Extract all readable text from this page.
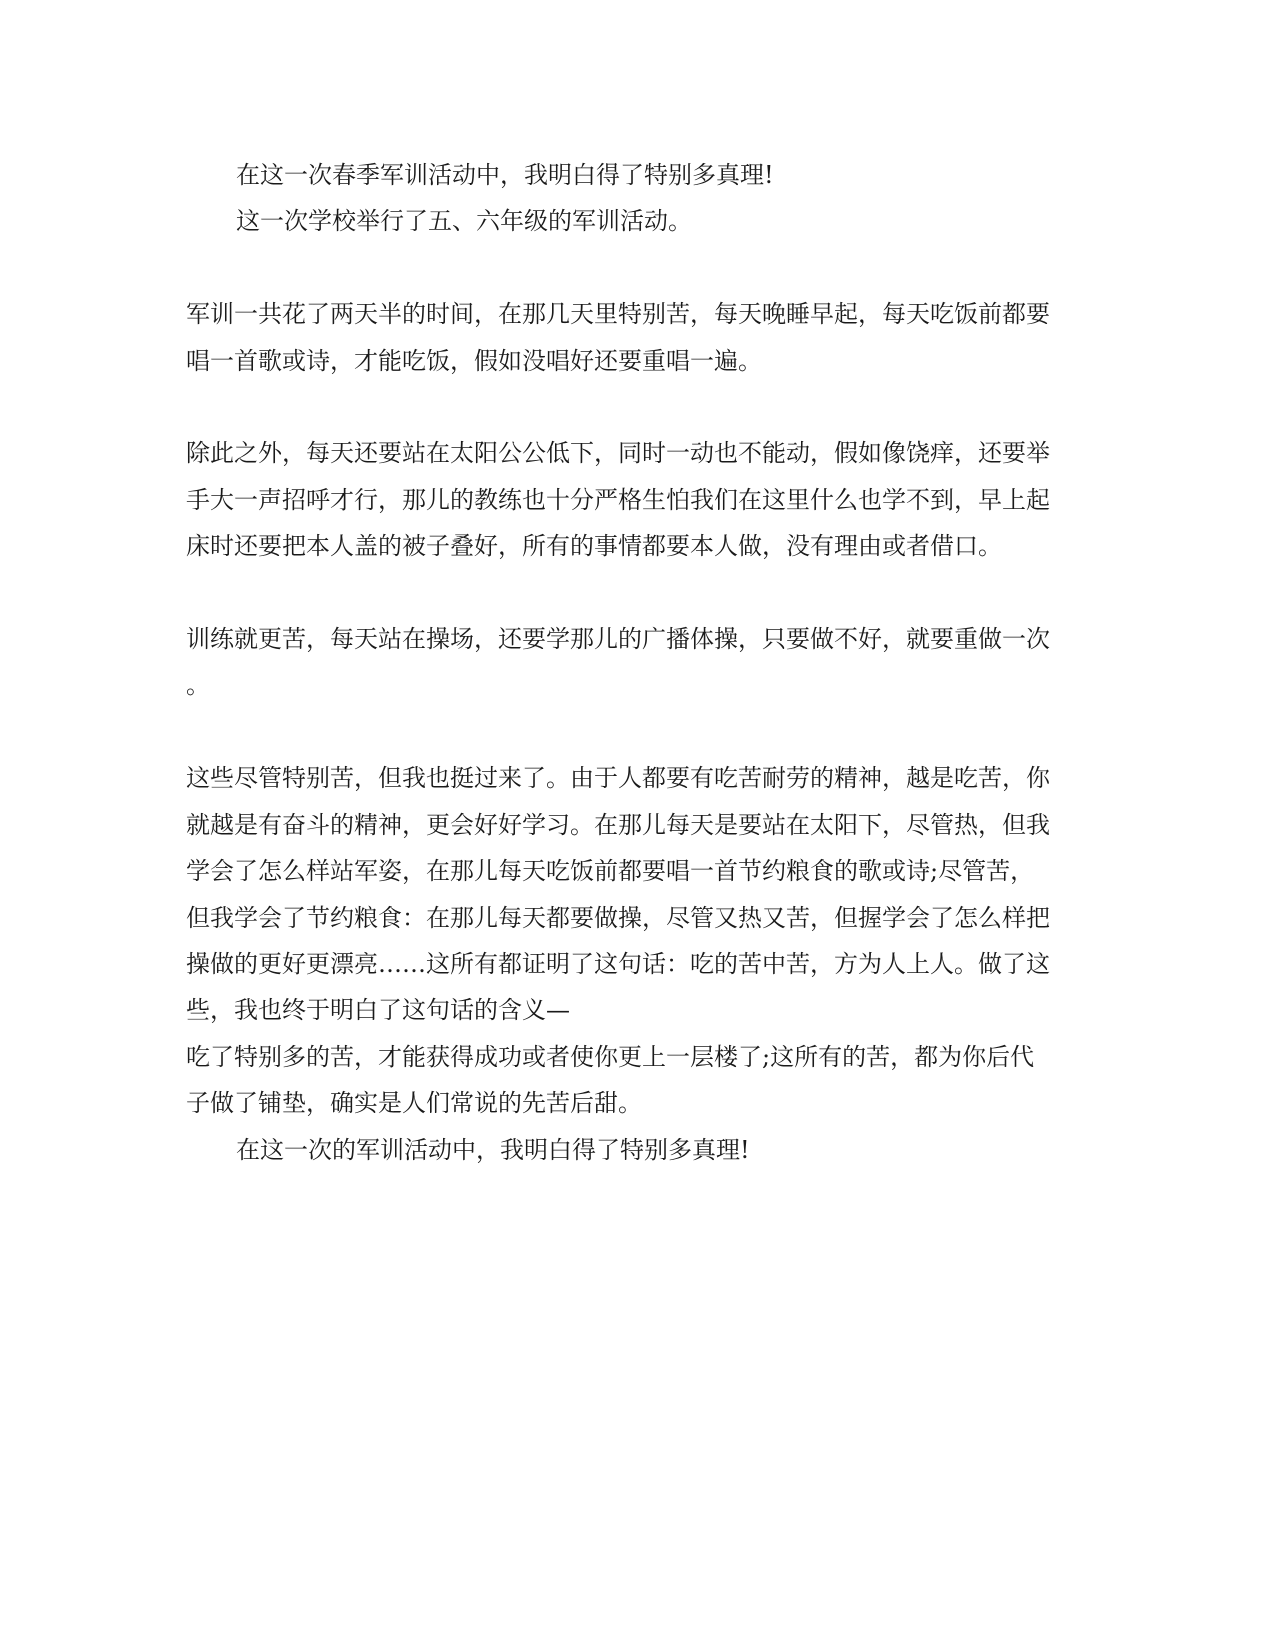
在这一次春季军训活动中，我明白得了特别多真理!

这一次学校举行了五、六年级的军训活动。

军训一共花了两天半的时间，在那几天里特别苦，每天晚睡早起，每天吃饭前都要

唱一首歌或诗，才能吃饭，假如没唱好还要重唱一遍。

除此之外，每天还要站在太阳公公低下，同时一动也不能动，假如像饶痒，还要举

手大一声招呼才行，那儿的教练也十分严格生怕我们在这里什么也学不到，早上起

床时还要把本人盖的被子叠好，所有的事情都要本人做，没有理由或者借口。

训练就更苦，每天站在操场，还要学那儿的广播体操，只要做不好，就要重做一次

。

这些尽管特别苦，但我也挺过来了。由于人都要有吃苦耐劳的精神，越是吃苦，你

就越是有奋斗的精神，更会好好学习。在那儿每天是要站在太阳下，尽管热，但我

学会了怎么样站军姿，在那儿每天吃饭前都要唱一首节约粮食的歌或诗;尽管苦，

但我学会了节约粮食：在那儿每天都要做操，尽管又热又苦，但握学会了怎么样把

操做的更好更漂亮……这所有都证明了这句话：吃的苦中苦，方为人上人。做了这

些，我也终于明白了这句话的含义—

吃了特别多的苦，才能获得成功或者使你更上一层楼了;这所有的苦，都为你后代

子做了铺垫，确实是人们常说的先苦后甜。

在这一次的军训活动中，我明白得了特别多真理!
